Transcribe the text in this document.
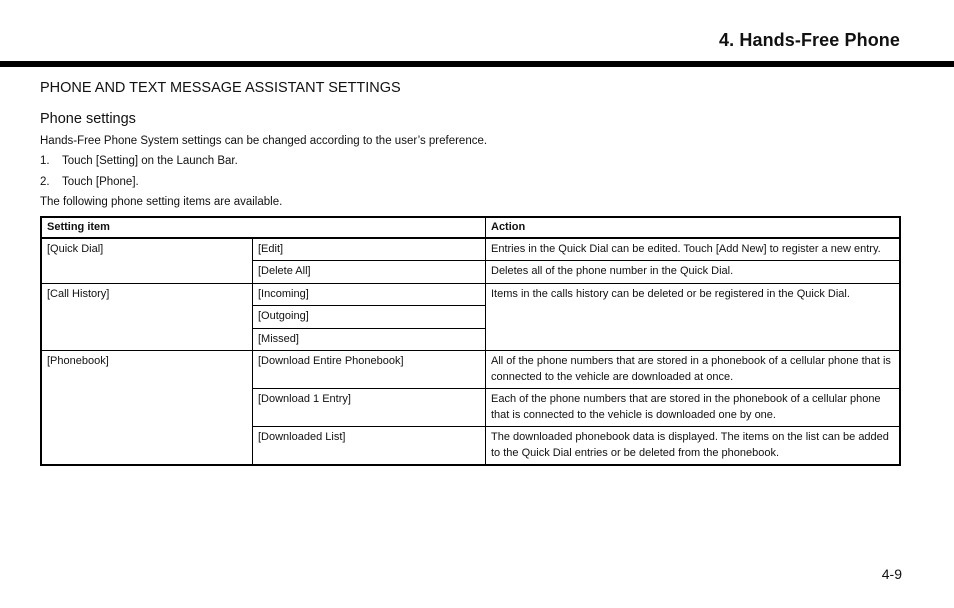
4. Hands-Free Phone
PHONE AND TEXT MESSAGE ASSISTANT SETTINGS
Phone settings

Hands-Free Phone System settings can be changed according to the user’s preference.

1. Touch [Setting] on the Launch Bar.

2. Touch [Phone].

The following phone setting items are available.

Setting item		Action
[Quick Dial]	[Edit]	Entries in the Quick Dial can be edited. Touch [Add New] to register a new entry.
	[Delete All]	Deletes all of the phone number in the Quick Dial.
[Call History]	[Incoming]	Items in the calls history can be deleted or be registered in the Quick Dial.
	[Outgoing]	
	[Missed]	
[Phonebook]	[Download Entire Phonebook]	All of the phone numbers that are stored in a phonebook of a cellular phone that is connected to the vehicle are downloaded at once.
	[Download 1 Entry]	Each of the phone numbers that are stored in the phonebook of a cellular phone that is connected to the vehicle is downloaded one by one.
	[Downloaded List]	The downloaded phonebook data is displayed. The items on the list can be added to the Quick Dial entries or be deleted from the phonebook.

4-9
